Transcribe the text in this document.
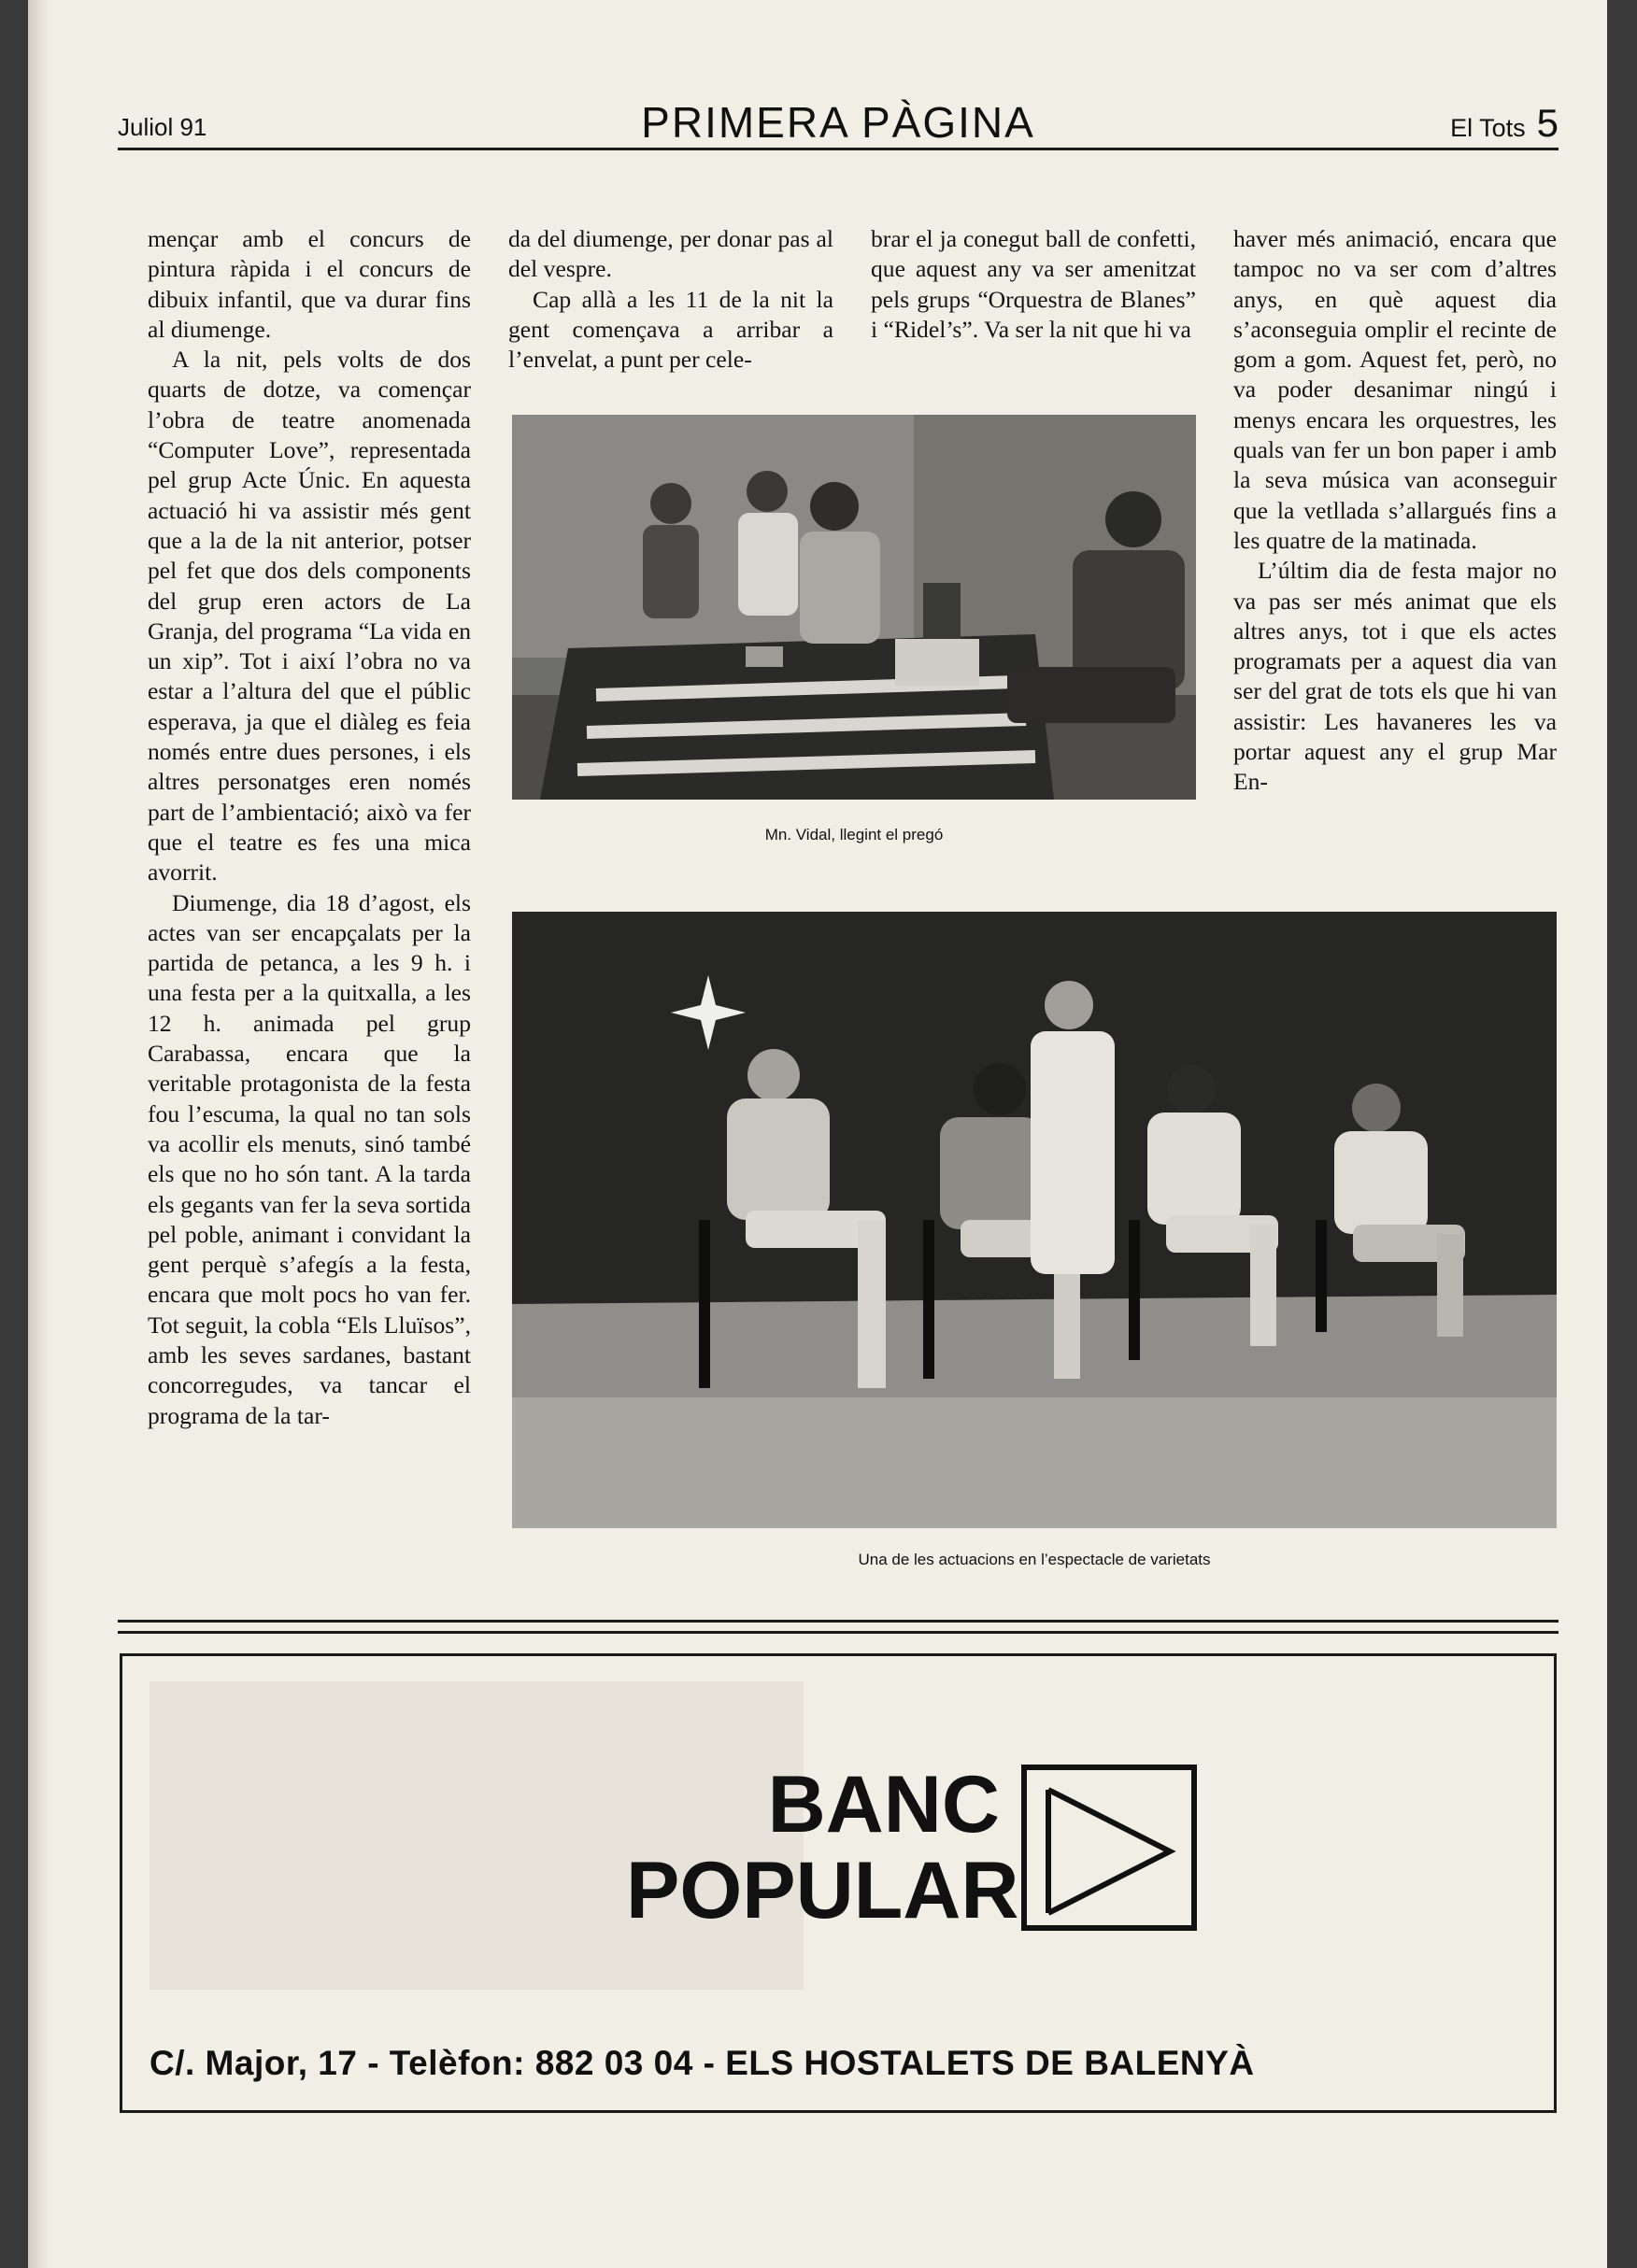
Juliol 91	PRIMERA PÀGINA	El Tots 5

mençar amb el concurs de pintura ràpida i el concurs de dibuix infantil, que va durar fins al diumenge.

A la nit, pels volts de dos quarts de dotze, va començar l’obra de teatre anomenada “Computer Love”, representada pel grup Acte Únic. En aquesta actuació hi va assistir més gent que a la de la nit anterior, potser pel fet que dos dels components del grup eren actors de La Granja, del programa “La vida en un xip”. Tot i així l’obra no va estar a l’altura del que el públic esperava, ja que el diàleg es feia només entre dues persones, i els altres personatges eren només part de l’ambientació; això va fer que el teatre es fes una mica avorrit.

Diumenge, dia 18 d’agost, els actes van ser encapçalats per la partida de petanca, a les 9 h. i una festa per a la quitxalla, a les 12 h. animada pel grup Carabassa, encara que la veritable protagonista de la festa fou l’escuma, la qual no tan sols va acollir els menuts, sinó també els que no ho són tant. A la tarda els gegants van fer la seva sortida pel poble, animant i convidant la gent perquè s’afegís a la festa, encara que molt pocs ho van fer. Tot seguit, la cobla “Els Lluïsos”, amb les seves sardanes, bastant concorregudes, va tancar el programa de la tar-

da del diumenge, per donar pas al del vespre.

Cap allà a les 11 de la nit la gent començava a arribar a l’envelat, a punt per cele-

brar el ja conegut ball de confetti, que aquest any va ser amenitzat pels grups “Orquestra de Blanes” i “Ridel’s”. Va ser la nit que hi va

haver més animació, encara que tampoc no va ser com d’altres anys, en què aquest dia s’aconseguia omplir el recinte de gom a gom. Aquest fet, però, no va poder desanimar ningú i menys encara les orquestres, les quals van fer un bon paper i amb la seva música van aconseguir que la vetllada s’allargués fins a les quatre de la matinada.

L’últim dia de festa major no va pas ser més animat que els altres anys, tot i que els actes programats per a aquest dia van ser del grat de tots els que hi van assistir: Les havaneres les va portar aquest any el grup Mar En-

Mn. Vidal, llegint el pregó
Una de les actuacions en l’espectacle de varietats
BANC
POPULAR
C/. Major, 17 - Telèfon: 882 03 04 - ELS HOSTALETS DE BALENYÀ
